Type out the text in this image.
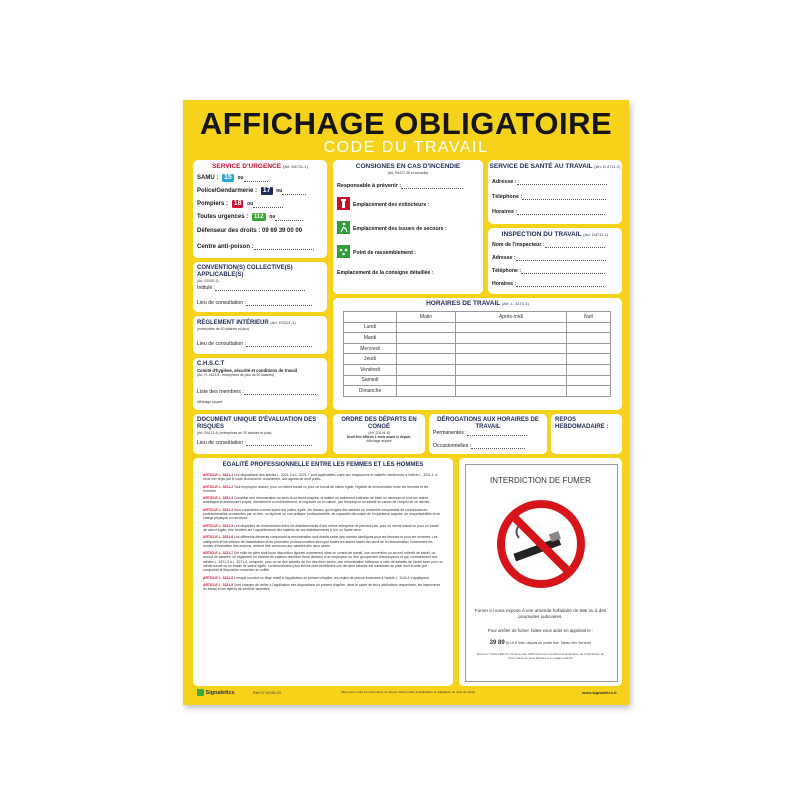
AFFICHAGE OBLIGATOIRE
CODE DU TRAVAIL
SERVICE D'URGENCE (Art. D4711-1)
SAMU : 15 ou
Police/Gendarmerie : 17 ou
Pompiers : 18 ou
Toutes urgences : 112 ou
Défenseur des droits : 09 69 39 00 00
Centre anti-poison :
CONSIGNES EN CAS D'INCENDIE
(Art. R4227-28 et suivants)
Responsable à prévenir :
Emplacement des extincteurs :
Emplacement des issues de secours :
Point de rassemblement :
Emplacement de la consigne détaillée :
SERVICE DE SANTÉ AU TRAVAIL (Art. D.4711-1)
Adresse :
Téléphone :
Horaires :
INSPECTION DU TRAVAIL (Art. D4711-1)
Nom de l'inspecteur :
Adresse :
Téléphone :
Horaires :
CONVENTION(S) COLLECTIVE(S) APPLICABLE(S)
(Art. R2262-3)
Intitulé :
Lieu de consultation :
RÈGLEMENT INTÉRIEUR (Art. R1321-1)
(entreprises de 20 salariés et plus)
Lieu de consultation :
C.H.S.C.T
Comité d'hygiène, sécurité et conditions de travail
(Art. R. 4613-8 - entreprises de plus de 50 salariés)
Liste des membres :
Affichage séparé
HORAIRES DE TRAVAIL (Art. L. 3171-1)
	Matin	Après-midi	Nuit
Lundi			
Mardi			
Mercredi			
Jeudi			
Vendredi			
Samedi			
Dimanche			
DOCUMENT UNIQUE D'ÉVALUATION DES RISQUES
(Art. R4121-4) (entreprises de 20 salariés et plus)
Lieu de consultation :
ORDRE DES DÉPARTS EN CONGÉ
(Art. D3141-6)
Droit être affiché 1 mois avant le départ.
Affichage séparé
DÉROGATIONS AUX HORAIRES DE TRAVAIL
Permanentes :
Occasionnelles :
REPOS HEBDOMADAIRE :
EGALITÉ PROFESSIONNELLE ENTRE LES FEMMES ET LES HOMMES

ARTICLE L. 3221-1 Les dispositions des articles L. 3221-2 à L. 3221-7 sont applicables, outre aux employeurs et salariés mentionnés à l'article L. 3211-1, à ceux non régis par le code du travail et, notamment, aux agents de droit public.

ARTICLE L. 3221-2 Tout employeur assure, pour un même travail ou pour un travail de valeur égale, l'égalité de rémunération entre les femmes et les hommes.

ARTICLE L. 3221-3 Constitue une rémunération au sens du présent chapitre, le salaire ou traitement ordinaire de base ou minimum et tous les autres avantages et accessoires payés, directement ou indirectement, en espèces ou en nature, par l'employeur au salarié en raison de l'emploi de ce dernier.

ARTICLE L. 3221-4 Sont considérés comme ayant une valeur égale, les travaux qui exigent des salariés un ensemble comparable de connaissances professionnelles consacrées par un titre, un diplôme ou une pratique professionnelle, de capacités découlant de l'expérience acquise, de responsabilités et de charge physique ou nerveuse.

ARTICLE L. 3221-5 Les disparités de rémunération entre les établissements d'une même entreprise ne peuvent pas, pour un même travail ou pour un travail de valeur égale, être fondées sur l'appartenance des salariés de ces établissements à l'un ou l'autre sexe.

ARTICLE L. 3221-6 Les différents éléments composant la rémunération sont établis selon des normes identiques pour les femmes et pour les hommes. Les catégories et les critères de classification et de promotion professionnelles ainsi que toutes les autres bases de calcul de la rémunération, notamment les modes d'évaluation des emplois, doivent être communs aux salariés des deux sexes.

ARTICLE L. 3221-7 Est nulle de plein droit toute disposition figurant notamment dans un contrat de travail, une convention ou accord collectif de travail, un accord de salaires, un règlement ou barème de salaires résultant d'une décision d'un employeur ou d'un groupement d'employeurs et qui, contrairement aux articles L. 3221-2 à L. 3221-6, comporte, pour un ou des salariés de l'un des deux sexes, une rémunération inférieure à celle de salariés de l'autre sexe pour un même travail ou un travail de valeur égale. La rémunération plus élevée dont bénéficient ces derniers salariés est substituée de plein droit à celle que comportait la disposition entachée de nullité.

ARTICLE L. 3221-8 Lorsque survient un litige relatif à l'application du présent chapitre, les règles de preuve énoncées à l'article L. 1144-1 s'appliquent.

ARTICLE L. 3221-9 Sont chargés de veiller à l'application des dispositions du présent chapitre, dans le cadre de leurs attributions respectives, les inspecteurs du travail et les agents de contrôle assimilés.

INTERDICTION DE FUMER
Fumer ici vous expose à une amende forfaitaire de 68€ ou à des poursuites judiciaires.
Pour arrêter de fumer, faites-vous aider en appelant le :
39 89 (0,15 € /min, depuis un poste fixe. Tabac Info Service)
Décret n° 2006-1386 du 15 novembre 2006 fixant les conditions d'application de l'interdiction de fumer dans les lieux affectés à un usage collectif
Signaletics	Réf.07-0049-00	Mise à jour suite à l'ordonnance du 28 juin 2014 portant simplification et adaptation du droit du travail	www.signaletics.fr
